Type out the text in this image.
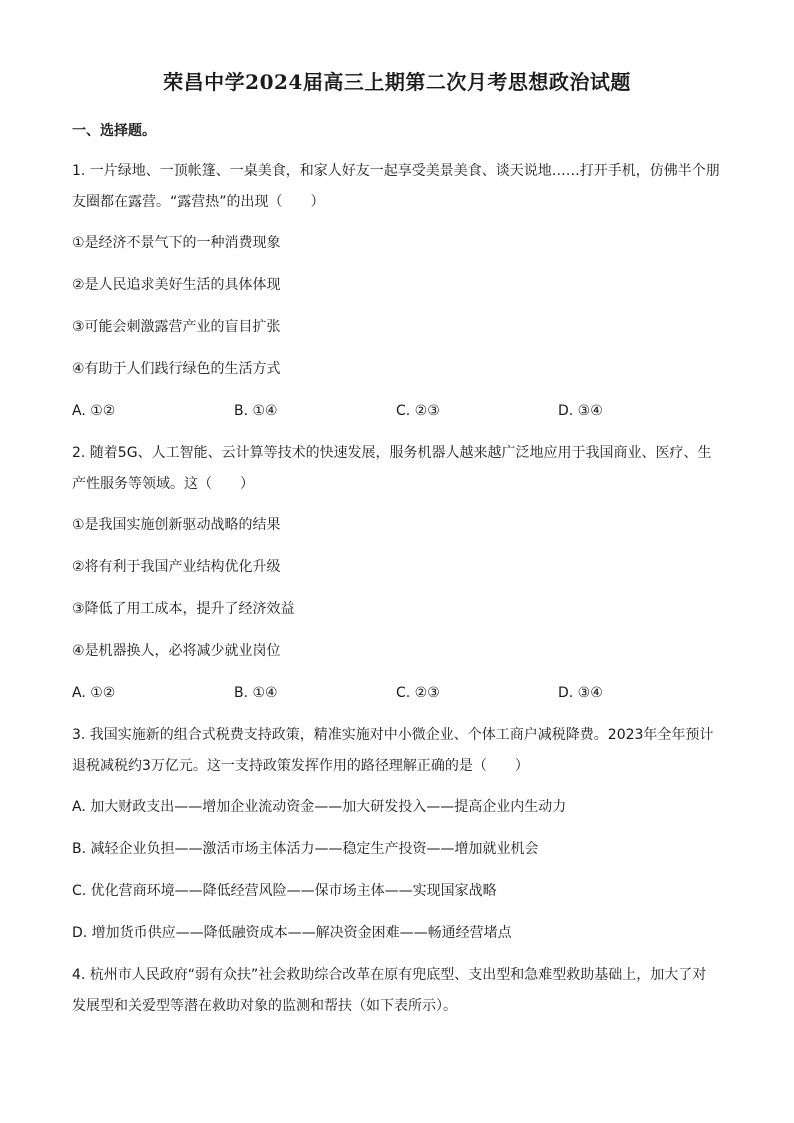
荣昌中学2024届高三上期第二次月考思想政治试题
一、选择题。
1. 一片绿地、一顶帐篷、一桌美食，和家人好友一起享受美景美食、谈天说地……打开手机，仿佛半个朋
友圈都在露营。“露营热”的出现（　　）
①是经济不景气下的一种消费现象
②是人民追求美好生活的具体体现
③可能会刺激露营产业的盲目扩张
④有助于人们践行绿色的生活方式
A. ①②	B. ①④	C. ②③	D. ③④
2. 随着5G、人工智能、云计算等技术的快速发展，服务机器人越来越广泛地应用于我国商业、医疗、生
产性服务等领域。这（　　）
①是我国实施创新驱动战略的结果
②将有利于我国产业结构优化升级
③降低了用工成本，提升了经济效益
④是机器换人，必将减少就业岗位
A. ①②	B. ①④	C. ②③	D. ③④
3. 我国实施新的组合式税费支持政策，精准实施对中小微企业、个体工商户减税降费。2023年全年预计
退税减税约3万亿元。这一支持政策发挥作用的路径理解正确的是（　　）
A. 加大财政支出——增加企业流动资金——加大研发投入——提高企业内生动力
B. 减轻企业负担——激活市场主体活力——稳定生产投资——增加就业机会
C. 优化营商环境——降低经营风险——保市场主体——实现国家战略
D. 增加货币供应——降低融资成本——解决资金困难——畅通经营堵点
4. 杭州市人民政府“弱有众扶”社会救助综合改革在原有兜底型、支出型和急难型救助基础上，加大了对
发展型和关爱型等潜在救助对象的监测和帮扶（如下表所示）。
